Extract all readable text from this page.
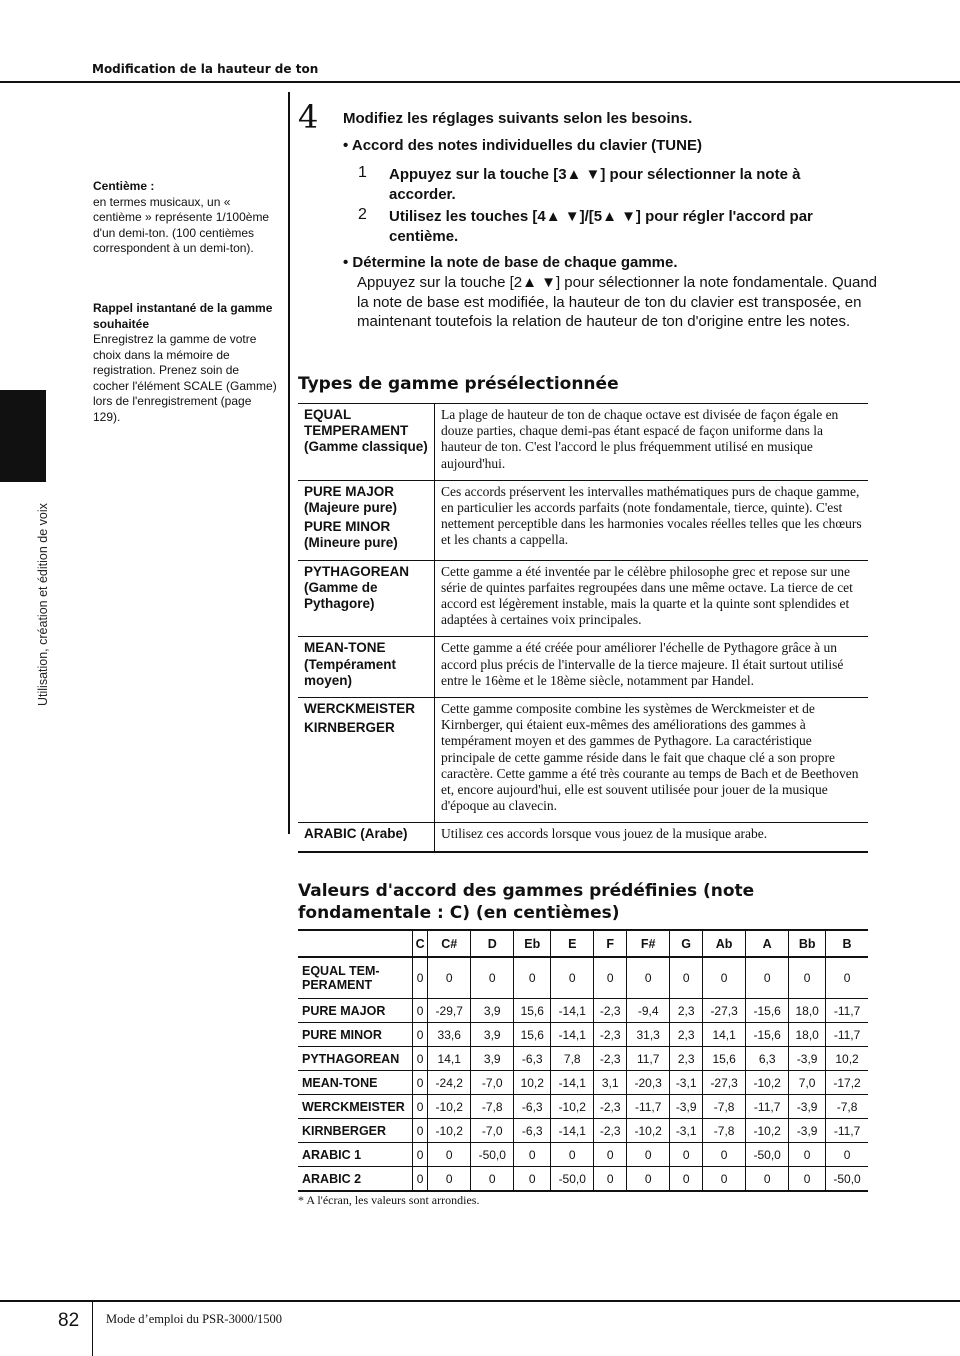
Modification de la hauteur de ton
Utilisation, création et édition de voix
Centième :
en termes musicaux, un « centième » représente 1/100ème d'un demi-ton. (100 centièmes correspondent à un demi-ton).
Rappel instantané de la gamme souhaitée
Enregistrez la gamme de votre choix dans la mémoire de registration. Prenez soin de cocher l'élément SCALE (Gamme) lors de l'enregistrement (page 129).
4 Modifiez les réglages suivants selon les besoins.
• Accord des notes individuelles du clavier (TUNE)
1 Appuyez sur la touche [3▲ ▼] pour sélectionner la note à accorder.
2 Utilisez les touches [4▲ ▼]/[5▲ ▼] pour régler l'accord par centième.
• Détermine la note de base de chaque gamme.
Appuyez sur la touche [2▲ ▼] pour sélectionner la note fondamentale. Quand la note de base est modifiée, la hauteur de ton du clavier est transposée, en maintenant toutefois la relation de hauteur de ton d'origine entre les notes.
Types de gamme présélectionnée
EQUAL TEMPERAMENT (Gamme classique)	La plage de hauteur de ton de chaque octave est divisée de façon égale en douze parties, chaque demi-pas étant espacé de façon uniforme dans la hauteur de ton. C'est l'accord le plus fréquemment utilisé en musique aujourd'hui.

PURE MAJOR (Majeure pure)
PURE MINOR (Mineure pure)	Ces accords préservent les intervalles mathématiques purs de chaque gamme, en particulier les accords parfaits (note fondamentale, tierce, quinte). C'est nettement perceptible dans les harmonies vocales réelles telles que les chœurs et les chants a cappella.

PYTHAGOREAN (Gamme de Pythagore)	Cette gamme a été inventée par le célèbre philosophe grec et repose sur une série de quintes parfaites regroupées dans une même octave. La tierce de cet accord est légèrement instable, mais la quarte et la quinte sont splendides et adaptées à certaines voix principales.

MEAN-TONE (Tempérament moyen)	Cette gamme a été créée pour améliorer l'échelle de Pythagore grâce à un accord plus précis de l'intervalle de la tierce majeure. Il était surtout utilisé entre le 16ème et le 18ème siècle, notamment par Handel.

WERCKMEISTER
KIRNBERGER	Cette gamme composite combine les systèmes de Werckmeister et de Kirnberger, qui étaient eux-mêmes des améliorations des gammes à tempérament moyen et des gammes de Pythagore. La caractéristique principale de cette gamme réside dans le fait que chaque clé a son propre caractère. Cette gamme a été très courante au temps de Bach et de Beethoven et, encore aujourd'hui, elle est souvent utilisée pour jouer de la musique d'époque au clavecin.

ARABIC (Arabe)	Utilisez ces accords lorsque vous jouez de la musique arabe.
Valeurs d'accord des gammes prédéfinies (note fondamentale : C) (en centièmes)
	C	C#	D	Eb	E	F	F#	G	Ab	A	Bb	B
EQUAL TEM-PERAMENT	0	0	0	0	0	0	0	0	0	0	0	0
PURE MAJOR	0	-29,7	3,9	15,6	-14,1	-2,3	-9,4	2,3	-27,3	-15,6	18,0	-11,7
PURE MINOR	0	33,6	3,9	15,6	-14,1	-2,3	31,3	2,3	14,1	-15,6	18,0	-11,7
PYTHAGOREAN	0	14,1	3,9	-6,3	7,8	-2,3	11,7	2,3	15,6	6,3	-3,9	10,2
MEAN-TONE	0	-24,2	-7,0	10,2	-14,1	3,1	-20,3	-3,1	-27,3	-10,2	7,0	-17,2
WERCKMEISTER	0	-10,2	-7,8	-6,3	-10,2	-2,3	-11,7	-3,9	-7,8	-11,7	-3,9	-7,8
KIRNBERGER	0	-10,2	-7,0	-6,3	-14,1	-2,3	-10,2	-3,1	-7,8	-10,2	-3,9	-11,7
ARABIC 1	0	0	-50,0	0	0	0	0	0	0	-50,0	0	0
ARABIC 2	0	0	0	0	-50,0	0	0	0	0	0	0	-50,0
* A l'écran, les valeurs sont arrondies.
82 Mode d’emploi du PSR-3000/1500
